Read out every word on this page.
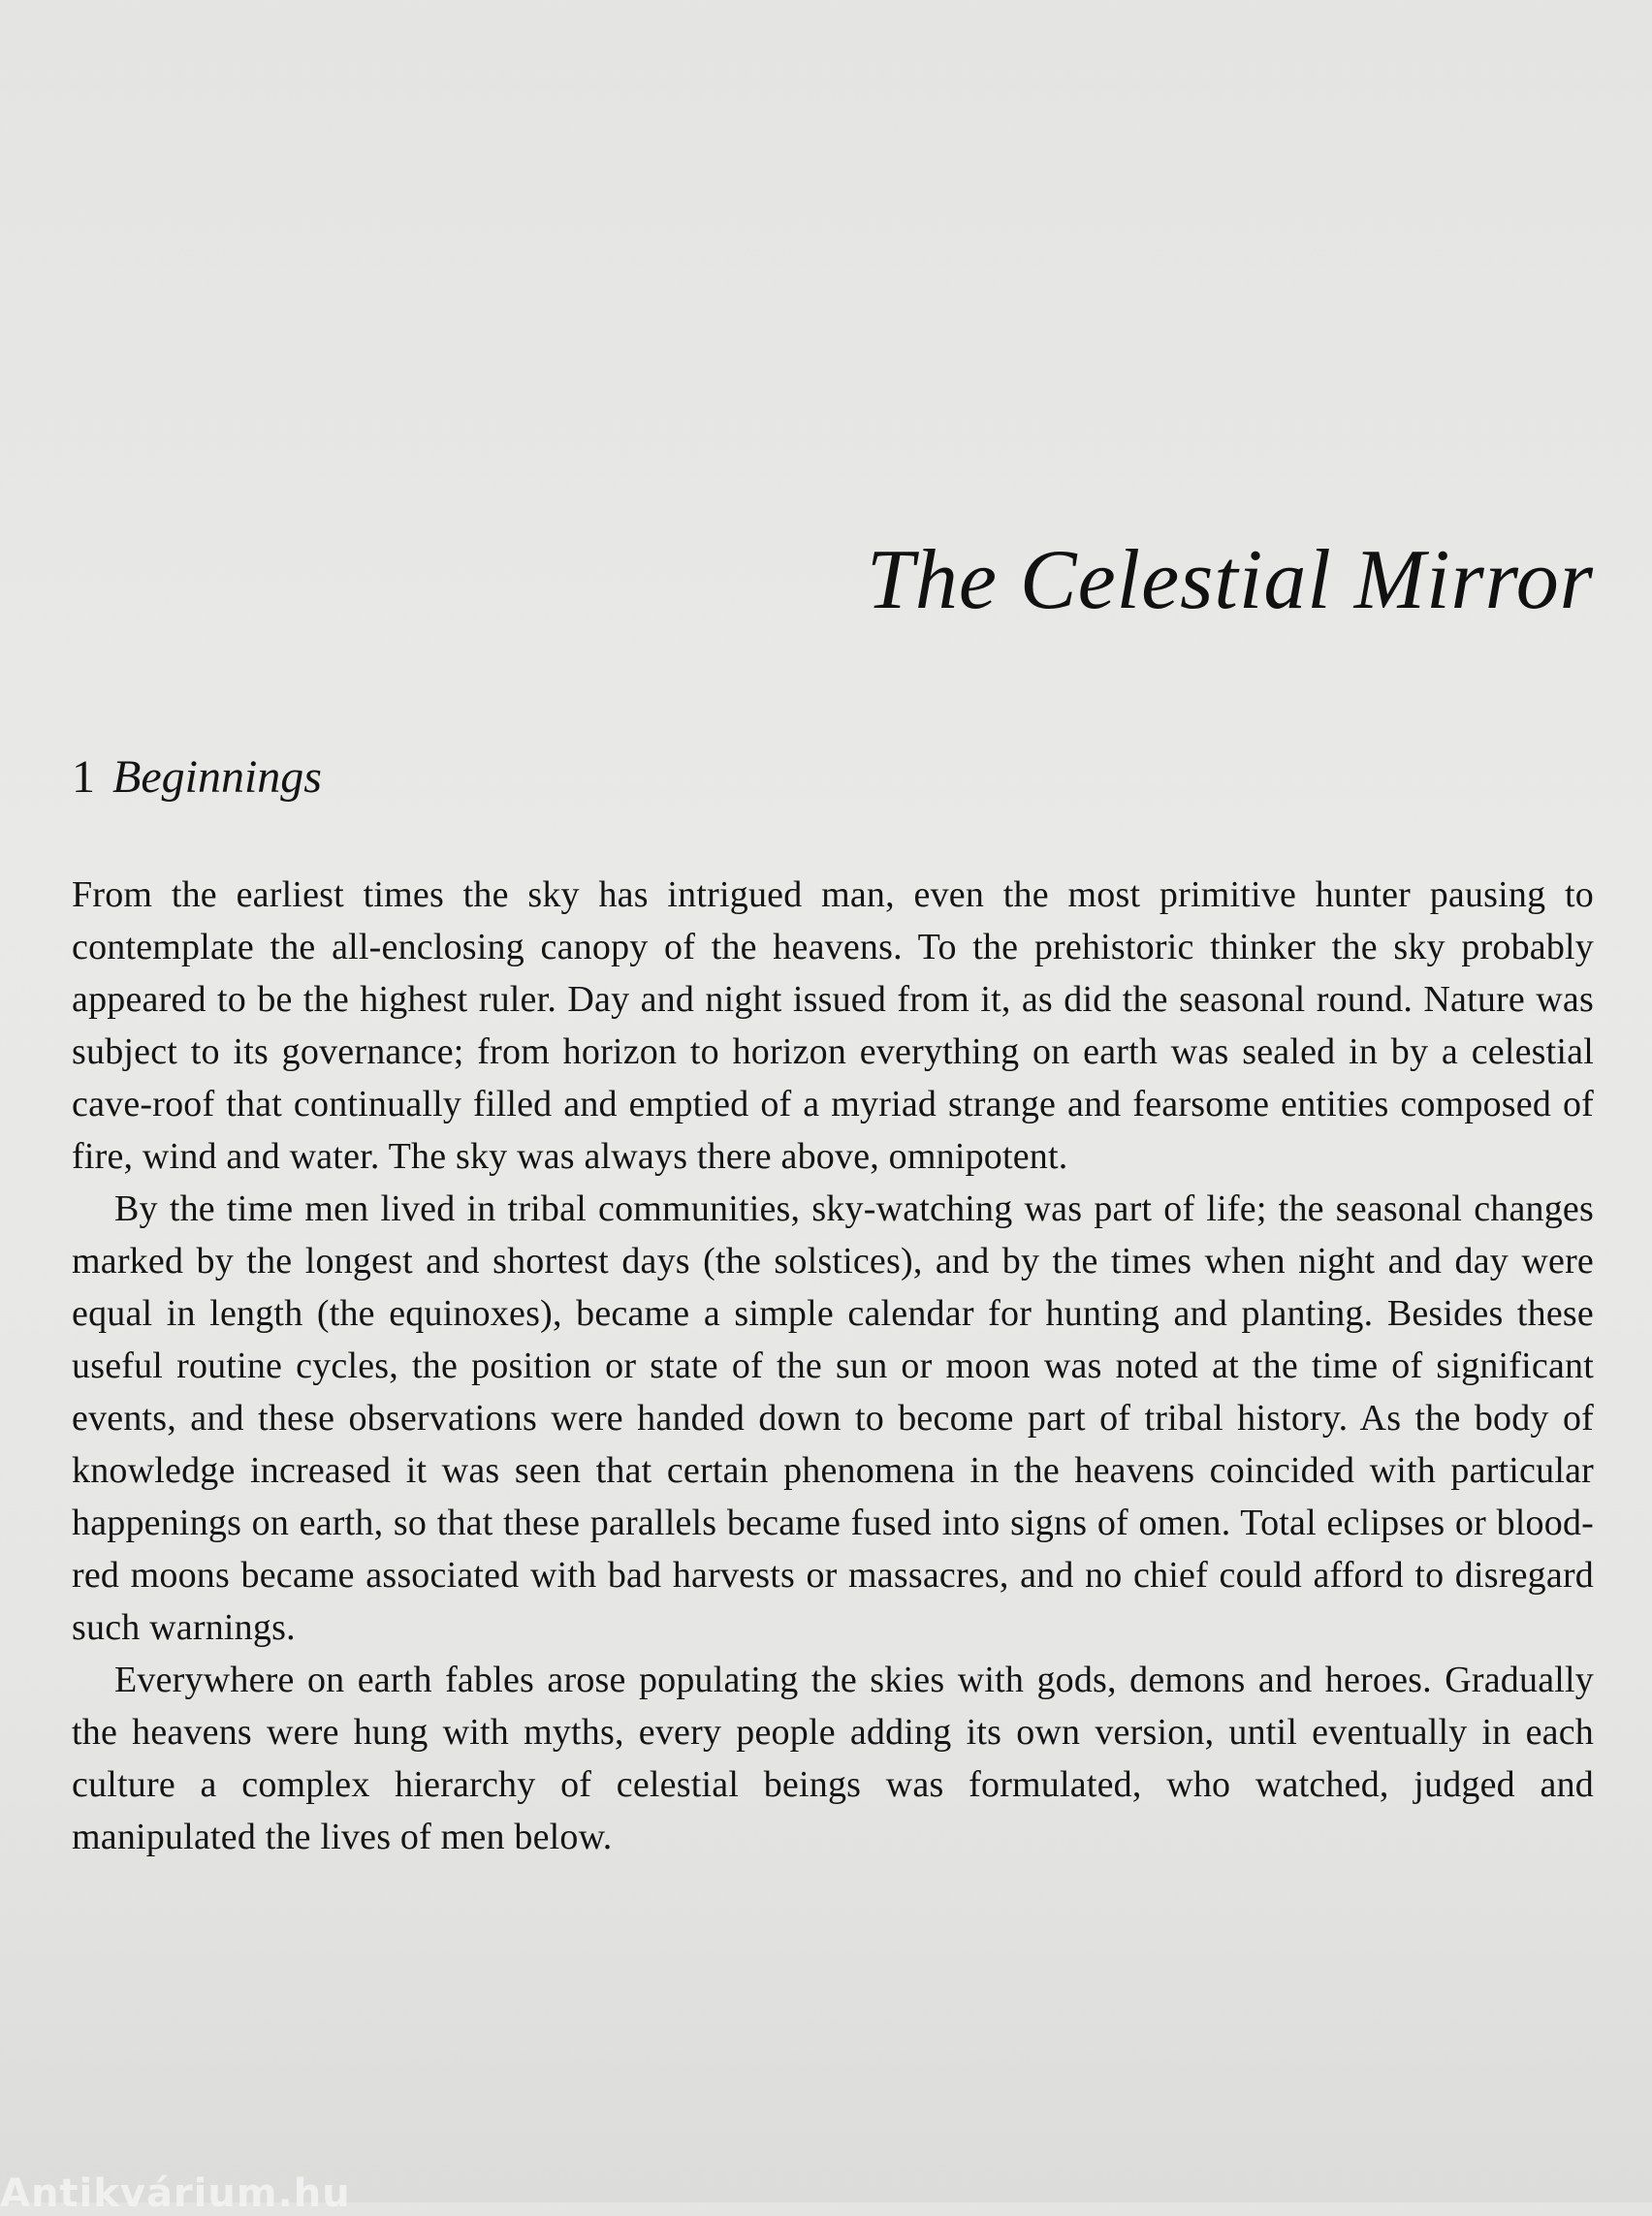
The Celestial Mirror
1 Beginnings

From the earliest times the sky has intrigued man, even the most primitive hunter pausing to contemplate the all-enclosing canopy of the heavens. To the prehistoric thinker the sky probably appeared to be the highest ruler. Day and night issued from it, as did the seasonal round. Nature was subject to its governance; from horizon to horizon everything on earth was sealed in by a celestial cave-roof that continually filled and emptied of a myriad strange and fearsome entities composed of fire, wind and water. The sky was always there above, omnipotent.

By the time men lived in tribal communities, sky-watching was part of life; the seasonal changes marked by the longest and shortest days (the solstices), and by the times when night and day were equal in length (the equinoxes), became a simple calendar for hunting and planting. Besides these useful routine cycles, the position or state of the sun or moon was noted at the time of significant events, and these observations were handed down to become part of tribal history. As the body of knowledge increased it was seen that certain phenomena in the heavens coincided with particular happenings on earth, so that these parallels became fused into signs of omen. Total eclipses or blood-red moons became associated with bad harvests or massacres, and no chief could afford to disregard such warnings.

Everywhere on earth fables arose populating the skies with gods, demons and heroes. Gradually the heavens were hung with myths, every people adding its own version, until eventually in each culture a complex hierarchy of celestial beings was formulated, who watched, judged and manipulated the lives of men below.

Antikvárium.hu
